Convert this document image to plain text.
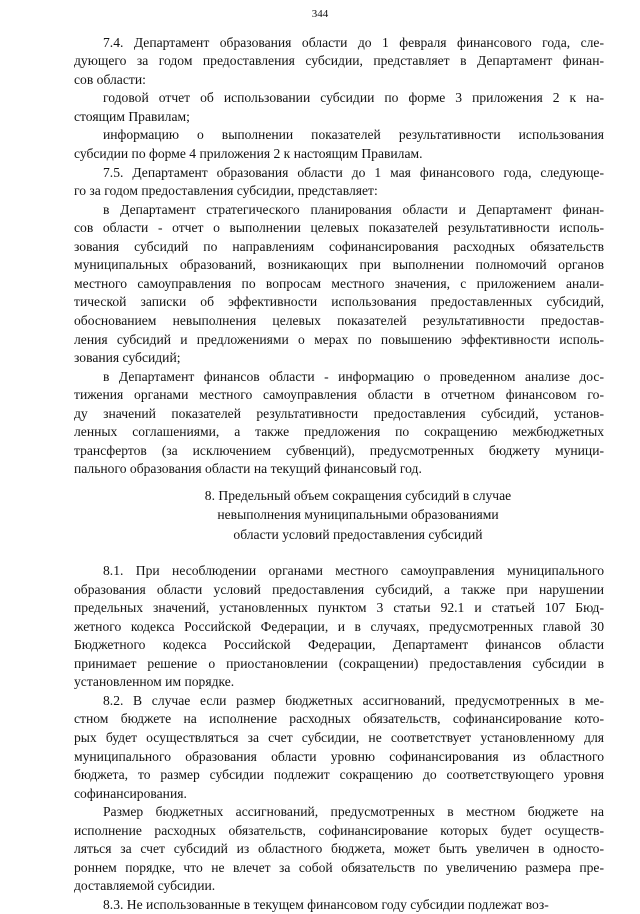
344
7.4. Департамент образования области до 1 февраля финансового года, сле-
дующего за годом предоставления субсидии, представляет в Департамент финан-
сов области:
годовой отчет об использовании субсидии по форме 3 приложения 2 к на-
стоящим Правилам;
информацию о выполнении показателей результативности использования
субсидии по форме 4 приложения 2 к настоящим Правилам.
7.5. Департамент образования области до 1 мая финансового года, следующе-
го за годом предоставления субсидии, представляет:
в Департамент стратегического планирования области и Департамент финан-
сов области - отчет о выполнении целевых показателей результативности исполь-
зования субсидий по направлениям софинансирования расходных обязательств
муниципальных образований, возникающих при выполнении полномочий органов
местного самоуправления по вопросам местного значения, с приложением анали-
тической записки об эффективности использования предоставленных субсидий,
обоснованием невыполнения целевых показателей результативности предостав-
ления субсидий и предложениями о мерах по повышению эффективности исполь-
зования субсидий;
в Департамент финансов области - информацию о проведенном анализе дос-
тижения органами местного самоуправления области в отчетном финансовом го-
ду значений показателей результативности предоставления субсидий, установ-
ленных соглашениями, а также предложения по сокращению межбюджетных
трансфертов (за исключением субвенций), предусмотренных бюджету муници-
пального образования области на текущий финансовый год.
8. Предельный объем сокращения субсидий в случае
невыполнения муниципальными образованиями
области условий предоставления субсидий
8.1. При несоблюдении органами местного самоуправления муниципального
образования области условий предоставления субсидий, а также при нарушении
предельных значений, установленных пунктом 3 статьи 92.1 и статьей 107 Бюд-
жетного кодекса Российской Федерации, и в случаях, предусмотренных главой 30
Бюджетного кодекса Российской Федерации, Департамент финансов области
принимает решение о приостановлении (сокращении) предоставления субсидии в
установленном им порядке.
8.2. В случае если размер бюджетных ассигнований, предусмотренных в ме-
стном бюджете на исполнение расходных обязательств, софинансирование кото-
рых будет осуществляться за счет субсидии, не соответствует установленному для
муниципального образования области уровню софинансирования из областного
бюджета, то размер субсидии подлежит сокращению до соответствующего уровня
софинансирования.
Размер бюджетных ассигнований, предусмотренных в местном бюджете на
исполнение расходных обязательств, софинансирование которых будет осуществ-
ляться за счет субсидий из областного бюджета, может быть увеличен в односто-
роннем порядке, что не влечет за собой обязательств по увеличению размера пре-
доставляемой субсидии.
8.3. Не использованные в текущем финансовом году субсидии подлежат воз-
